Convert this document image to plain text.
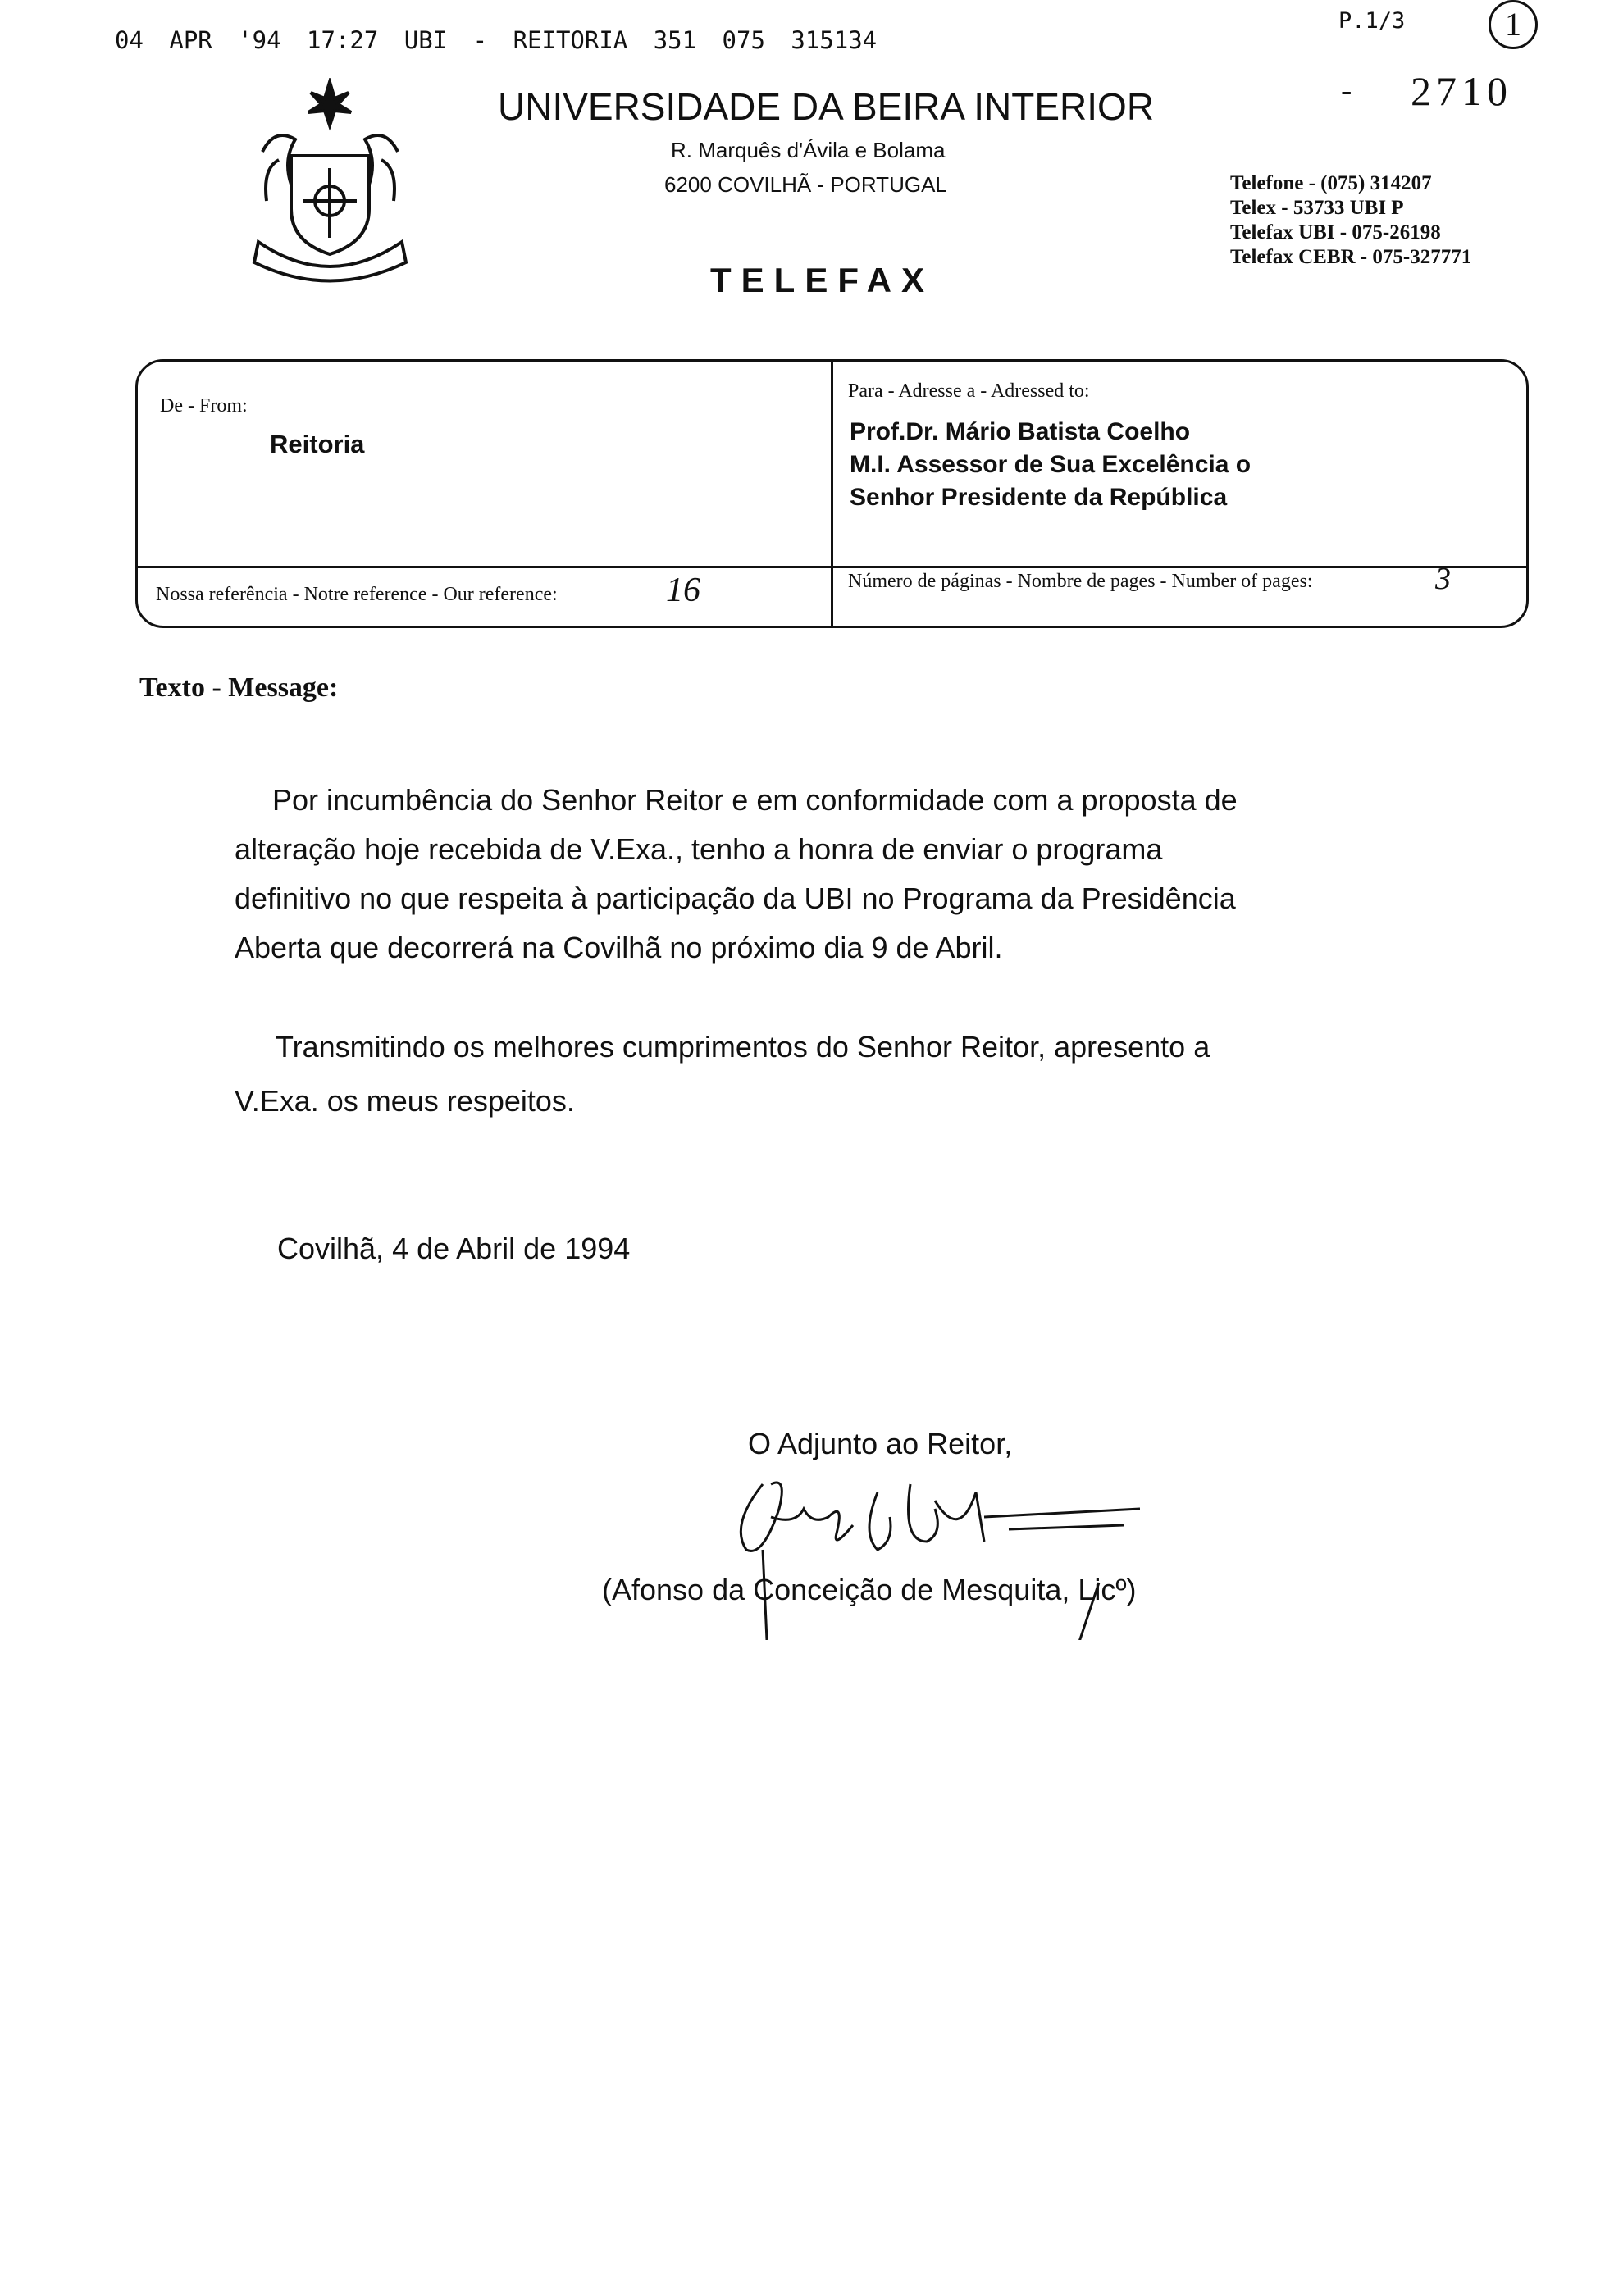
04 APR '94 17:27 UBI - REITORIA 351 075 315134
P.1/3	1
- 2710
UNIVERSIDADE DA BEIRA INTERIOR
R. Marquês d'Ávila e Bolama
6200 COVILHÃ - PORTUGAL
TELEFAX
Telefone - (075) 314207
Telex - 53733 UBI P
Telefax UBI - 075-26198
Telefax CEBR - 075-327771
De - From:
Reitoria
Para - Adresse a - Adressed to:
Prof.Dr. Mário Batista Coelho
M.I. Assessor de Sua Excelência o
Senhor Presidente da República
Nossa referência - Notre reference - Our reference:	16	Número de páginas - Nombre de pages - Number of pages:	3
Texto - Message:
Por incumbência do Senhor Reitor e em conformidade com a proposta de
alteração hoje recebida de V.Exa., tenho a honra de enviar o programa
definitivo no que respeita à participação da UBI no Programa da Presidência
Aberta que decorrerá na Covilhã no próximo dia 9 de Abril.
Transmitindo os melhores cumprimentos do Senhor Reitor, apresento a
V.Exa. os meus respeitos.
Covilhã, 4 de Abril de 1994
O Adjunto ao Reitor,
(Afonso da Conceição de Mesquita, Licº)
